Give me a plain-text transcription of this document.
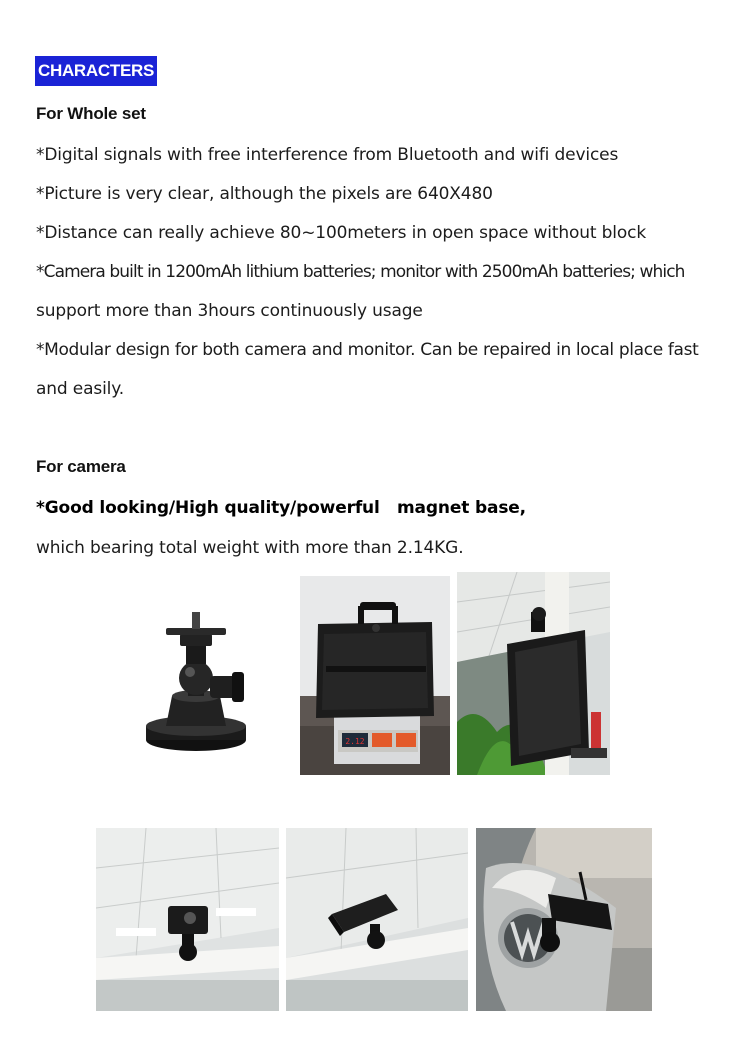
CHARACTERS
For Whole set
*Digital signals with free interference from Bluetooth and wifi devices
*Picture is very clear, although the pixels are 640X480
*Distance can really achieve 80~100meters in open space without block
*Camera built in 1200mAh lithium batteries; monitor with 2500mAh batteries; which
support more than 3hours continuously usage
*Modular design for both camera and monitor. Can be repaired in local place fast
and easily.
For camera
*Good looking/High quality/powerful   magnet base,
which bearing total weight with more than 2.14KG.
2.12
